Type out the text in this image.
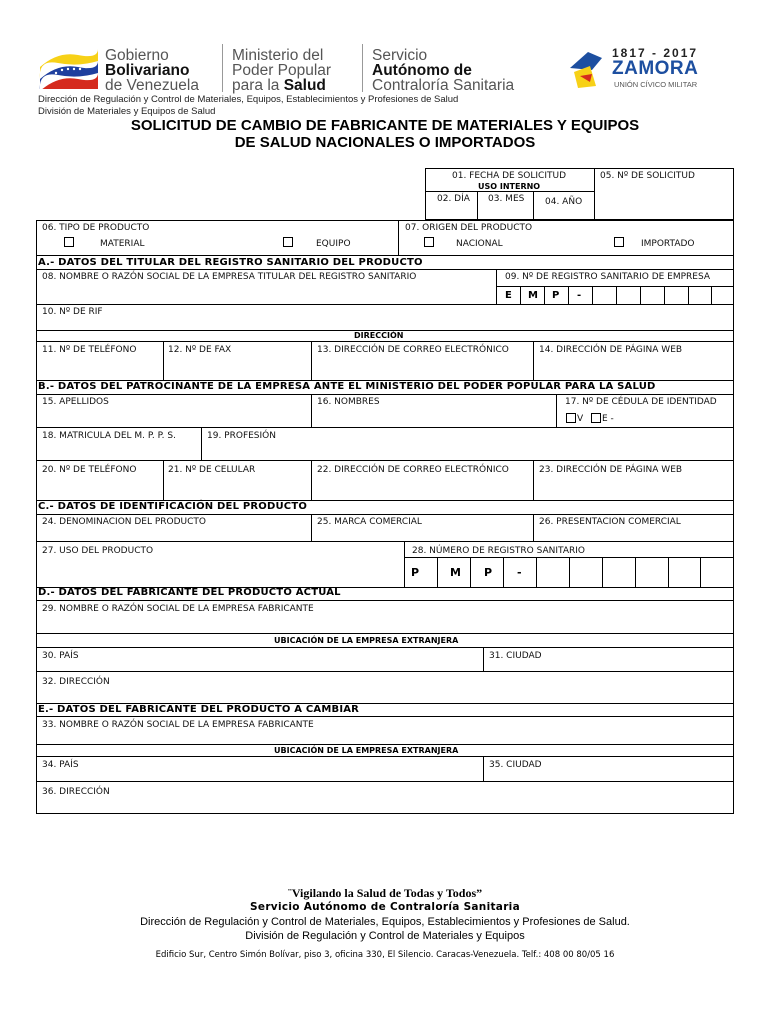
Gobierno
Bolivariano
de Venezuela
Ministerio del
Poder Popular
para la Salud
Servicio
Autónomo de
Contraloría Sanitaria
1817 - 2017
ZAMORA
UNIÓN CÍVICO MILITAR
Dirección de Regulación y Control de Materiales, Equipos, Establecimientos y Profesiones de Salud
División de Materiales y Equipos de Salud
SOLICITUD DE CAMBIO DE FABRICANTE DE MATERIALES Y EQUIPOS
DE SALUD NACIONALES O IMPORTADOS
01. FECHA DE SOLICITUD
USO INTERNO
02. DÍA 03. MES 04. AÑO
05. Nº DE SOLICITUD
06. TIPO DE PRODUCTO
MATERIAL	EQUIPO
07. ORIGEN DEL PRODUCTO
NACIONAL	IMPORTADO
A.- DATOS DEL TITULAR DEL REGISTRO SANITARIO DEL PRODUCTO
08. NOMBRE O RAZÓN SOCIAL DE LA EMPRESA TITULAR DEL REGISTRO SANITARIO	09. Nº DE REGISTRO SANITARIO DE EMPRESA
E M P -
10. Nº DE RIF
DIRECCIÓN
11. Nº DE TELÉFONO	12. Nº DE FAX	13. DIRECCIÓN DE CORREO ELECTRÓNICO	14. DIRECCIÓN DE PÁGINA WEB
B.- DATOS DEL PATROCINANTE DE LA EMPRESA ANTE EL MINISTERIO DEL PODER POPULAR PARA LA SALUD
15. APELLIDOS	16. NOMBRES	17. Nº DE CÉDULA DE IDENTIDAD
V E -
18. MATRICULA DEL M. P. P. S.	19. PROFESIÓN
20. Nº DE TELÉFONO	21. Nº DE CELULAR	22. DIRECCIÓN DE CORREO ELECTRÓNICO	23. DIRECCIÓN DE PÁGINA WEB
C.- DATOS DE IDENTIFICACIÓN DEL PRODUCTO
24. DENOMINACION DEL PRODUCTO	25. MARCA COMERCIAL	26. PRESENTACION COMERCIAL
27. USO DEL PRODUCTO	28. NÚMERO DE REGISTRO SANITARIO
P	M P -
D.- DATOS DEL FABRICANTE DEL PRODUCTO ACTUAL
29. NOMBRE O RAZÓN SOCIAL DE LA EMPRESA FABRICANTE
UBICACIÓN DE LA EMPRESA EXTRANJERA
30. PAÍS	31. CIUDAD
32. DIRECCIÓN
E.- DATOS DEL FABRICANTE DEL PRODUCTO A CAMBIAR
33. NOMBRE O RAZÓN SOCIAL DE LA EMPRESA FABRICANTE
UBICACIÓN DE LA EMPRESA EXTRANJERA
34. PAÍS	35. CIUDAD
36. DIRECCIÓN
¨Vigilando la Salud de Todas y Todos”
Servicio Autónomo de Contraloría Sanitaria
Dirección de Regulación y Control de Materiales, Equipos, Establecimientos y Profesiones de Salud.
División de Regulación y Control de Materiales y Equipos
Edificio Sur, Centro Simón Bolívar, piso 3, oficina 330, El Silencio. Caracas-Venezuela. Telf.: 408 00 80/05 16
